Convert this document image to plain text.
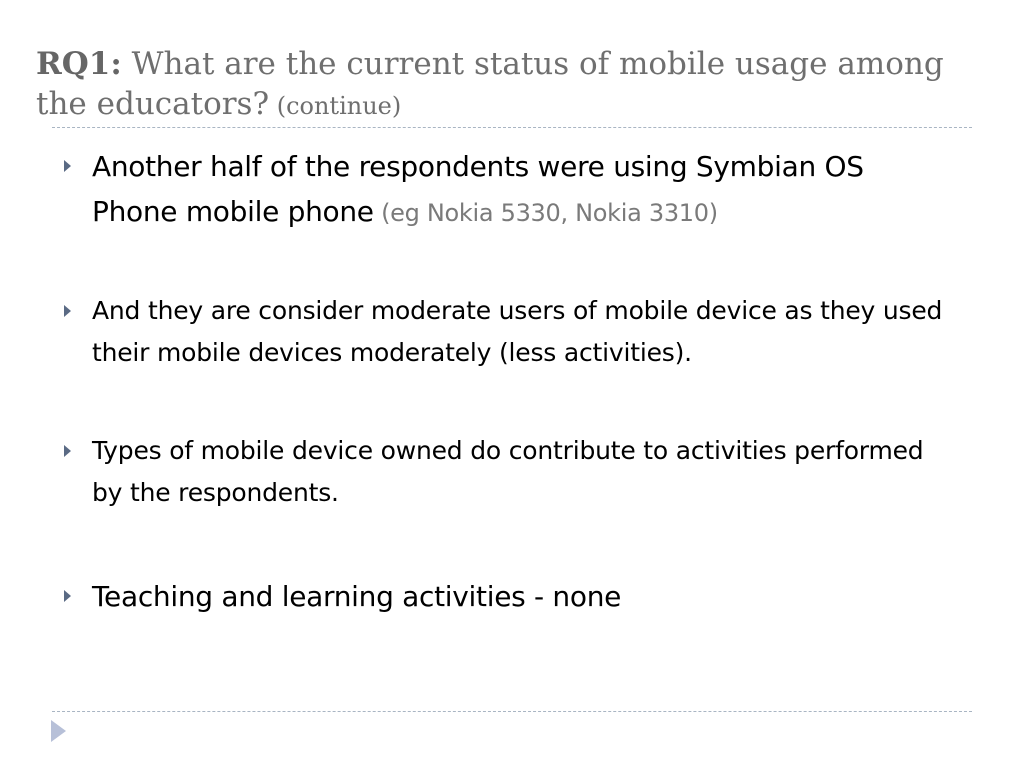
RQ1: What are the current status of mobile usage among the educators? (continue)
Another half of the respondents were using Symbian OS Phone mobile phone (eg Nokia 5330, Nokia 3310)
And they are consider moderate users of mobile device as they used their mobile devices moderately (less activities).
Types of mobile device owned do contribute to activities performed by the respondents.
Teaching and learning activities - none
